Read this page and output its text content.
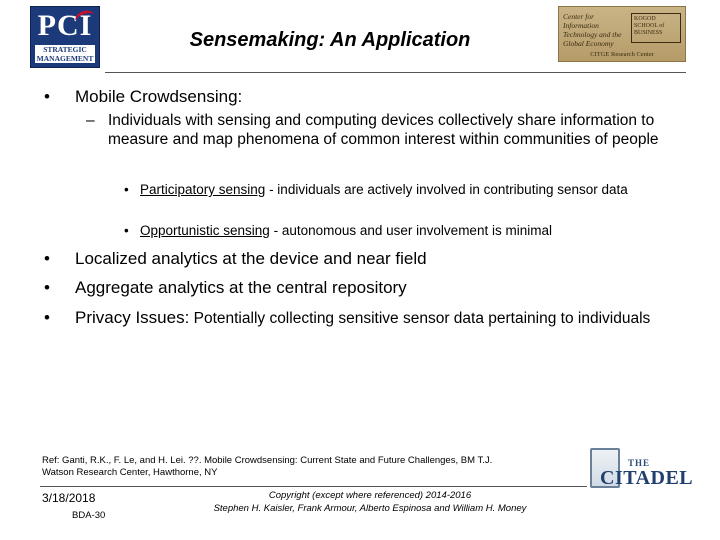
PCI
STRATEGIC
MANAGEMENT
Sensemaking: An Application
Center for Information Technology and the Global Economy
KOGOD SCHOOL of BUSINESS
CITGE Research Center
• Mobile Crowdsensing:
– Individuals with sensing and computing devices collectively share information to measure and map phenomena of common interest within communities of people
• Participatory sensing - individuals are actively involved in contributing sensor data
• Opportunistic sensing - autonomous and user involvement is minimal
• Localized analytics at the device and near field
• Aggregate analytics at the central repository
• Privacy Issues: Potentially collecting sensitive sensor data pertaining to individuals
Ref: Ganti, R.K., F. Le, and H. Lei. ??. Mobile Crowdsensing: Current State and Future Challenges, BM T.J. Watson Research Center, Hawthorne, NY
3/18/2018
BDA-30
Copyright (except where referenced) 2014-2016
Stephen H. Kaisler, Frank Armour, Alberto Espinosa and William H. Money
THE
CITADEL
